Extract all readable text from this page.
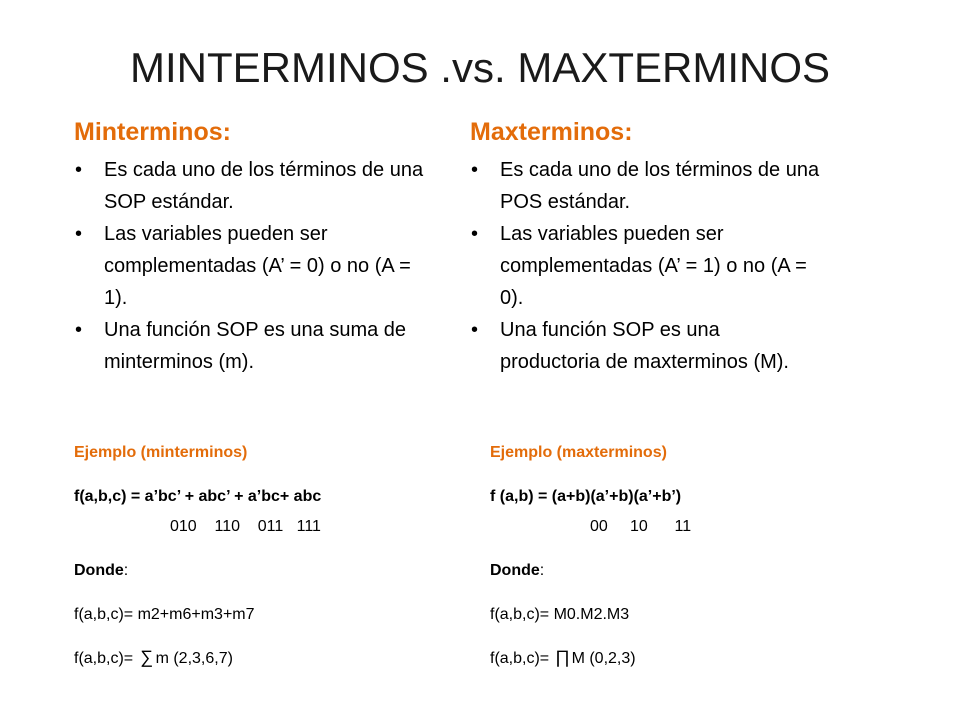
MINTERMINOS .vs. MAXTERMINOS
Minterminos:
• Es cada uno de los términos de una SOP estándar.
• Las variables pueden ser complementadas (A’ = 0) o no (A = 1).
• Una función SOP es una suma de minterminos (m).
Maxterminos:
• Es cada uno de los términos de una POS estándar.
• Las variables pueden ser complementadas (A’ = 1) o no (A = 0).
• Una función SOP es una productoria de maxterminos (M).
Ejemplo (minterminos)
f(a,b,c) = a’bc’ + abc’ + a’bc+ abc
010    110    011   111
Donde:
f(a,b,c)= m2+m6+m3+m7
f(a,b,c)= ∑ m (2,3,6,7)
Ejemplo (maxterminos)
f (a,b) = (a+b)(a’+b)(a’+b’)
00     10      11
Donde:
f(a,b,c)= M0.M2.M3
f(a,b,c)= ∏M (0,2,3)
